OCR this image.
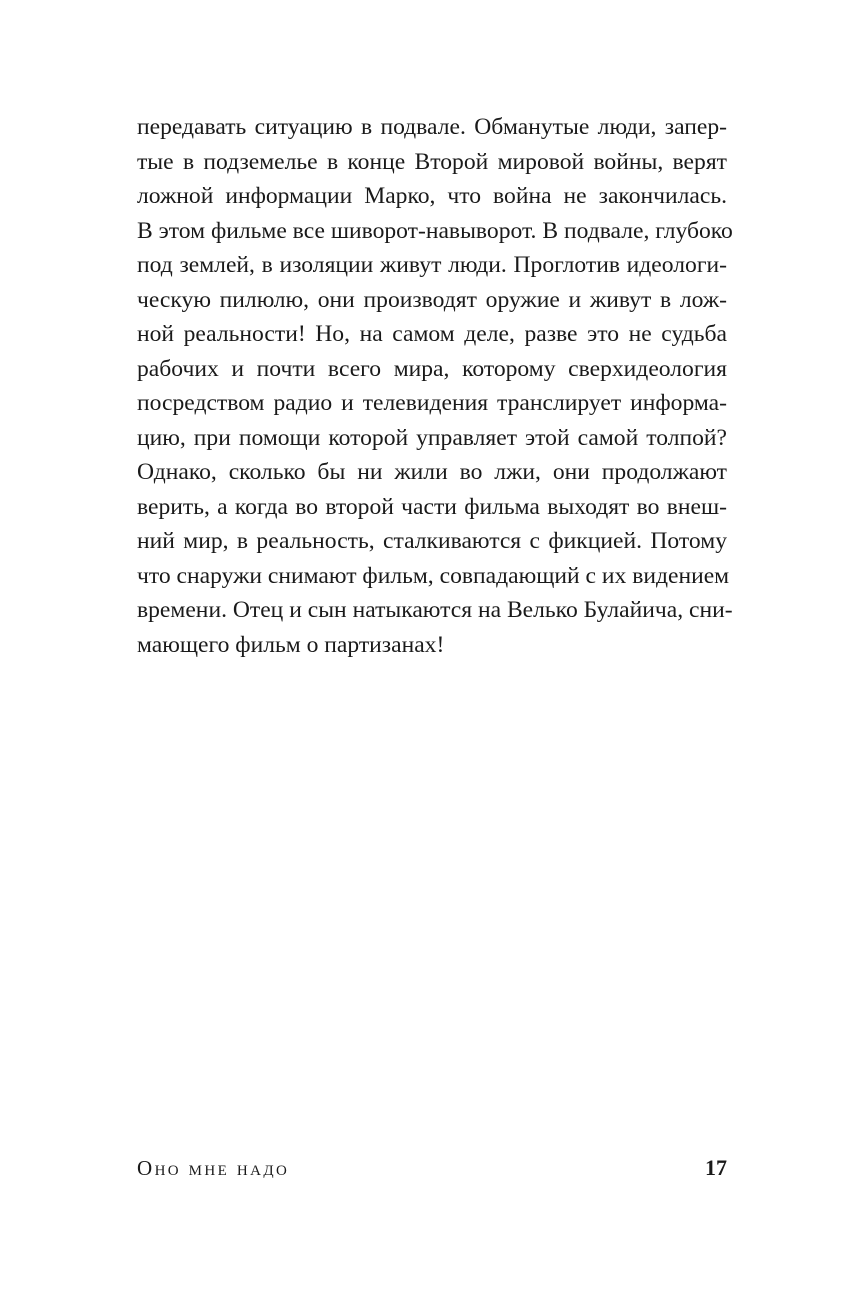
передавать ситуацию в подвале. Обманутые люди, запер-
тые в подземелье в конце Второй мировой войны, верят
ложной информации Марко, что война не закончилась.
В этом фильме все шиворот-навыворот. В подвале, глубоко
под землей, в изоляции живут люди. Проглотив идеологи-
ческую пилюлю, они производят оружие и живут в лож-
ной реальности! Но, на самом деле, разве это не судьба
рабочих и почти всего мира, которому сверхидеология
посредством радио и телевидения транслирует информа-
цию, при помощи которой управляет этой самой толпой?
Однако, сколько бы ни жили во лжи, они продолжают
верить, а когда во второй части фильма выходят во внеш-
ний мир, в реальность, сталкиваются с фикцией. Потому
что снаружи снимают фильм, совпадающий с их видением
времени. Отец и сын натыкаются на Велько Булайича, сни-
мающего фильм о партизанах!
Оно мне надо	17
